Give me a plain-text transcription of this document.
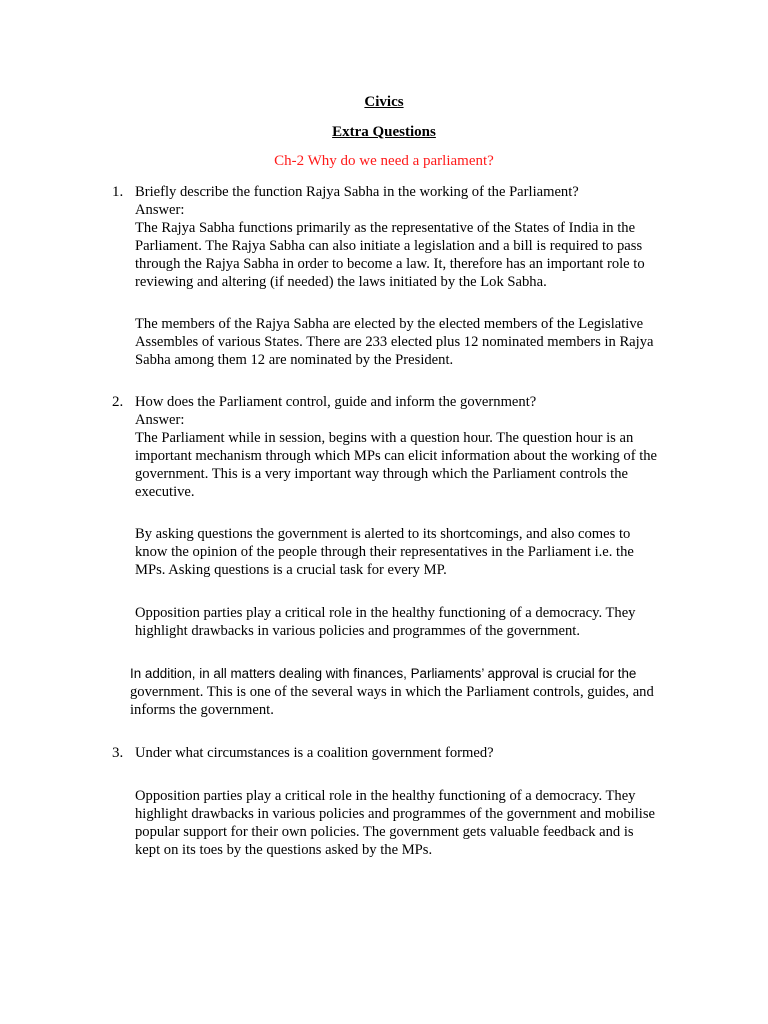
Civics
Extra Questions
Ch-2 Why do we need a parliament?
1. Briefly describe the function Rajya Sabha in the working of the Parliament?
Answer:
The Rajya Sabha functions primarily as the representative of the States of India in the
Parliament. The Rajya Sabha can also initiate a legislation and a bill is required to pass
through the Rajya Sabha in order to become a law. It, therefore has an important role to
reviewing and altering (if needed) the laws initiated by the Lok Sabha.
The members of the Rajya Sabha are elected by the elected members of the Legislative
Assembles of various States. There are 233 elected plus 12 nominated members in Rajya
Sabha among them 12 are nominated by the President.
2. How does the Parliament control, guide and inform the government?
Answer:
The Parliament while in session, begins with a question hour. The question hour is an
important mechanism through which MPs can elicit information about the working of the
government. This is a very important way through which the Parliament controls the
executive.
By asking questions the government is alerted to its shortcomings, and also comes to
know the opinion of the people through their representatives in the Parliament i.e. the
MPs. Asking questions is a crucial task for every MP.
Opposition parties play a critical role in the healthy functioning of a democracy. They
highlight drawbacks in various policies and programmes of the government.
In addition, in all matters dealing with finances, Parliaments’ approval is crucial for the
government. This is one of the several ways in which the Parliament controls, guides, and
informs the government.
3. Under what circumstances is a coalition government formed?
Opposition parties play a critical role in the healthy functioning of a democracy. They
highlight drawbacks in various policies and programmes of the government and mobilise
popular support for their own policies. The government gets valuable feedback and is
kept on its toes by the questions asked by the MPs.
